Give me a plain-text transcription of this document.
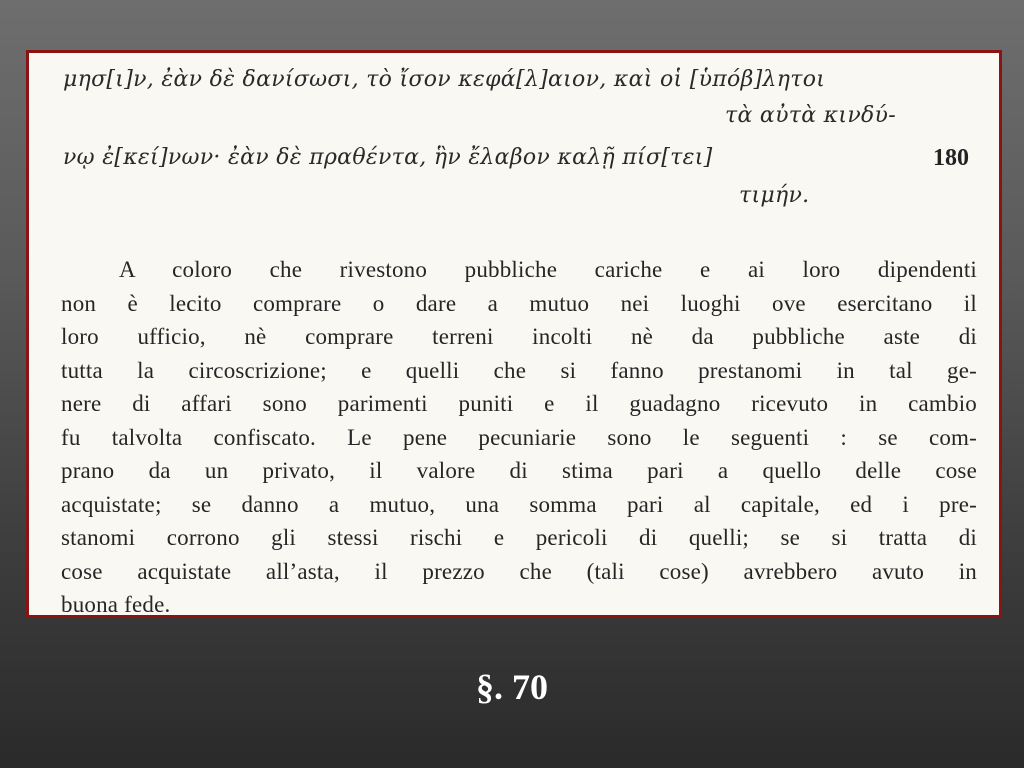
μησ[ι]ν, ἐὰν δὲ δανίσωσι, τὸ ἴσον κεφά[λ]αιον, καὶ οἱ [ὑπόβ]λητοι
τὰ αὐτὰ κινδύ-
νῳ ἐ[κεί]νων· ἐὰν δὲ πραθέντα, ἣν ἔλαβον καλῇ πίσ[τει]
τιμήν.
180
A coloro che rivestono pubbliche cariche e ai loro dipendenti
non è lecito comprare o dare a mutuo nei luoghi ove esercitano il
loro ufficio, nè comprare terreni incolti nè da pubbliche aste di
tutta la circoscrizione; e quelli che si fanno prestanomi in tal ge-
nere di affari sono parimenti puniti e il guadagno ricevuto in cambio
fu talvolta confiscato. Le pene pecuniarie sono le seguenti : se com-
prano da un privato, il valore di stima pari a quello delle cose
acquistate; se danno a mutuo, una somma pari al capitale, ed i pre-
stanomi corrono gli stessi rischi e pericoli di quelli; se si tratta di
cose acquistate all’asta, il prezzo che (tali cose) avrebbero avuto in
buona fede.
§. 70
